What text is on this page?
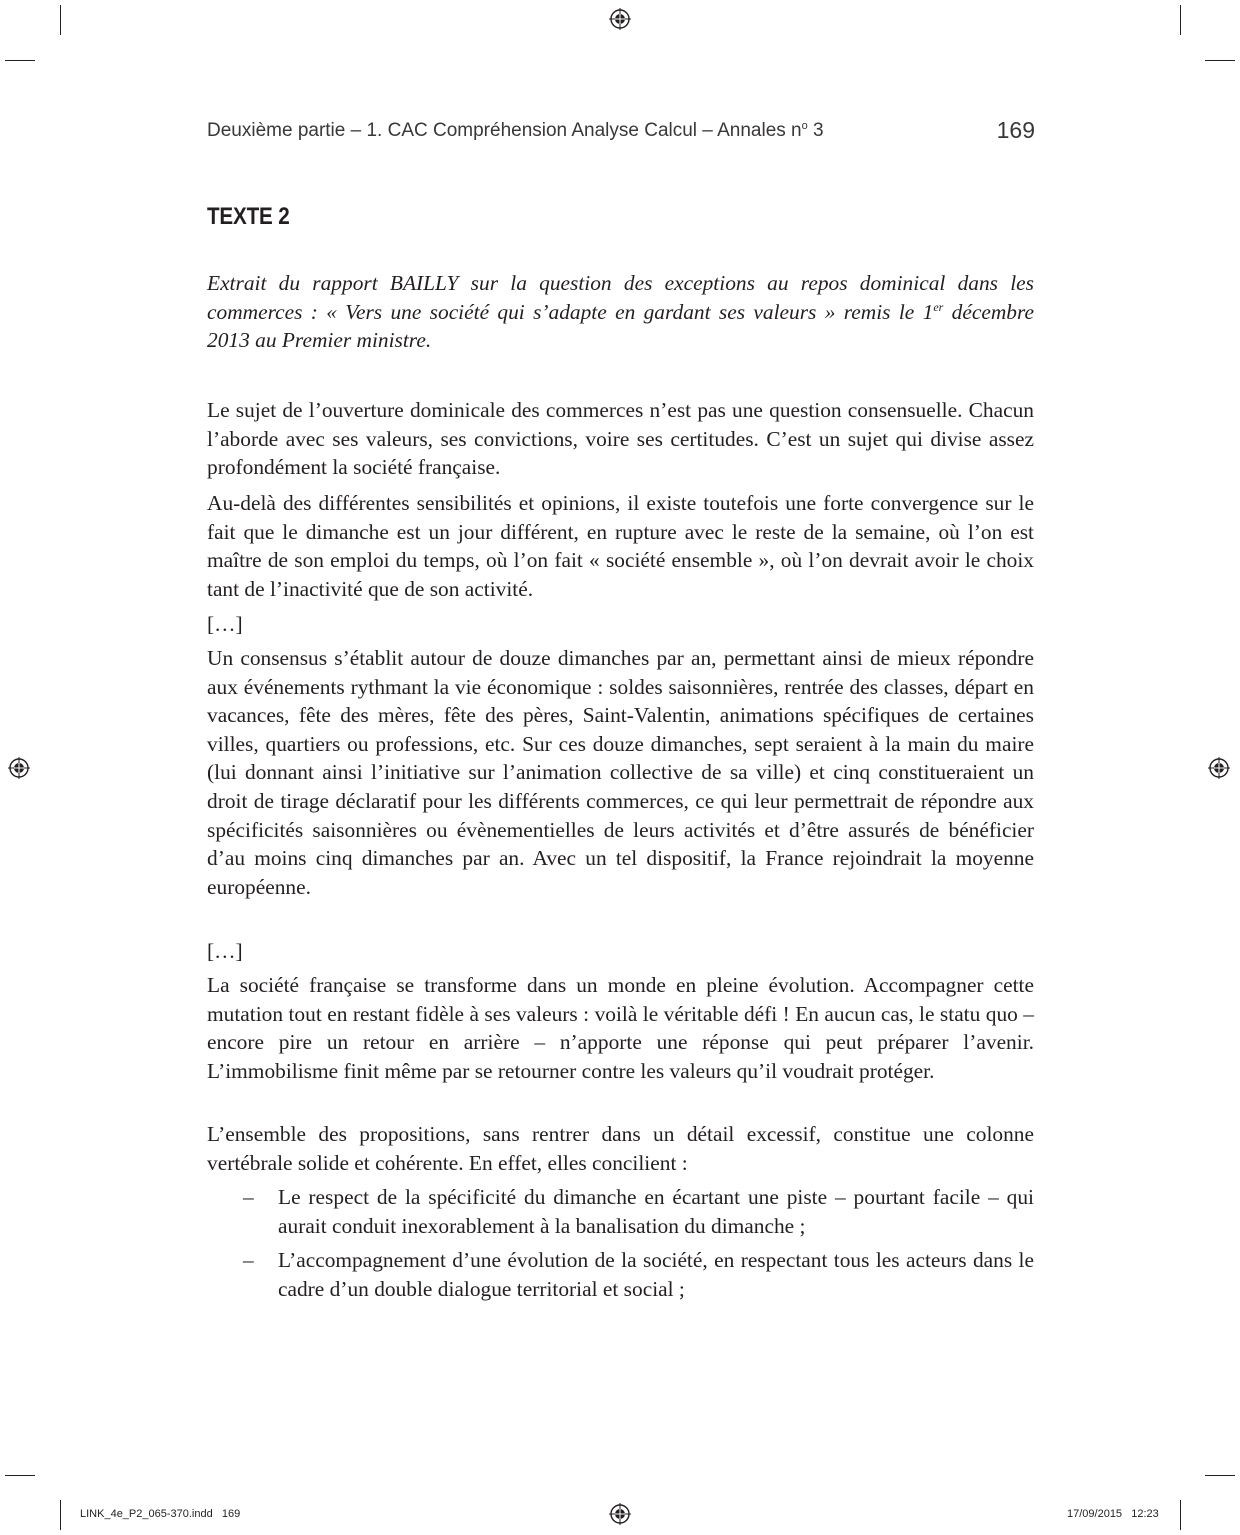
Deuxième partie – 1. CAC Compréhension Analyse Calcul – Annales $n^o$ 3	169
TEXTE 2

Extrait du rapport BAILLY sur la question des exceptions au repos dominical dans les commerces : « Vers une société qui s’adapte en gardant ses valeurs » remis le 1er décembre 2013 au Premier ministre.

Le sujet de l’ouverture dominicale des commerces n’est pas une question consensuelle. Chacun l’aborde avec ses valeurs, ses convictions, voire ses certitudes. C’est un sujet qui divise assez profondément la société française.

Au-delà des différentes sensibilités et opinions, il existe toutefois une forte convergence sur le fait que le dimanche est un jour différent, en rupture avec le reste de la semaine, où l’on est maître de son emploi du temps, où l’on fait « société ensemble », où l’on devrait avoir le choix tant de l’inactivité que de son activité.

[…]

Un consensus s’établit autour de douze dimanches par an, permettant ainsi de mieux répondre aux événements rythmant la vie économique : soldes saisonnières, rentrée des classes, départ en vacances, fête des mères, fête des pères, Saint-Valentin, animations spécifiques de certaines villes, quartiers ou professions, etc. Sur ces douze dimanches, sept seraient à la main du maire (lui donnant ainsi l’initiative sur l’animation collective de sa ville) et cinq constitueraient un droit de tirage déclaratif pour les différents commerces, ce qui leur permettrait de répondre aux spécificités saisonnières ou évènementielles de leurs activités et d’être assurés de bénéficier d’au moins cinq dimanches par an. Avec un tel dispositif, la France rejoindrait la moyenne européenne.

[…]

La société française se transforme dans un monde en pleine évolution. Accompagner cette mutation tout en restant fidèle à ses valeurs : voilà le véritable défi ! En aucun cas, le statu quo – encore pire un retour en arrière – n’apporte une réponse qui peut préparer l’avenir. L’immobilisme finit même par se retourner contre les valeurs qu’il voudrait protéger.

L’ensemble des propositions, sans rentrer dans un détail excessif, constitue une colonne vertébrale solide et cohérente. En effet, elles concilient :

– Le respect de la spécificité du dimanche en écartant une piste – pourtant facile – qui aurait conduit inexorablement à la banalisation du dimanche ;
– L’accompagnement d’une évolution de la société, en respectant tous les acteurs dans le cadre d’un double dialogue territorial et social ;
LINK_4e_P2_065-370.indd   169	17/09/2015   12:23
